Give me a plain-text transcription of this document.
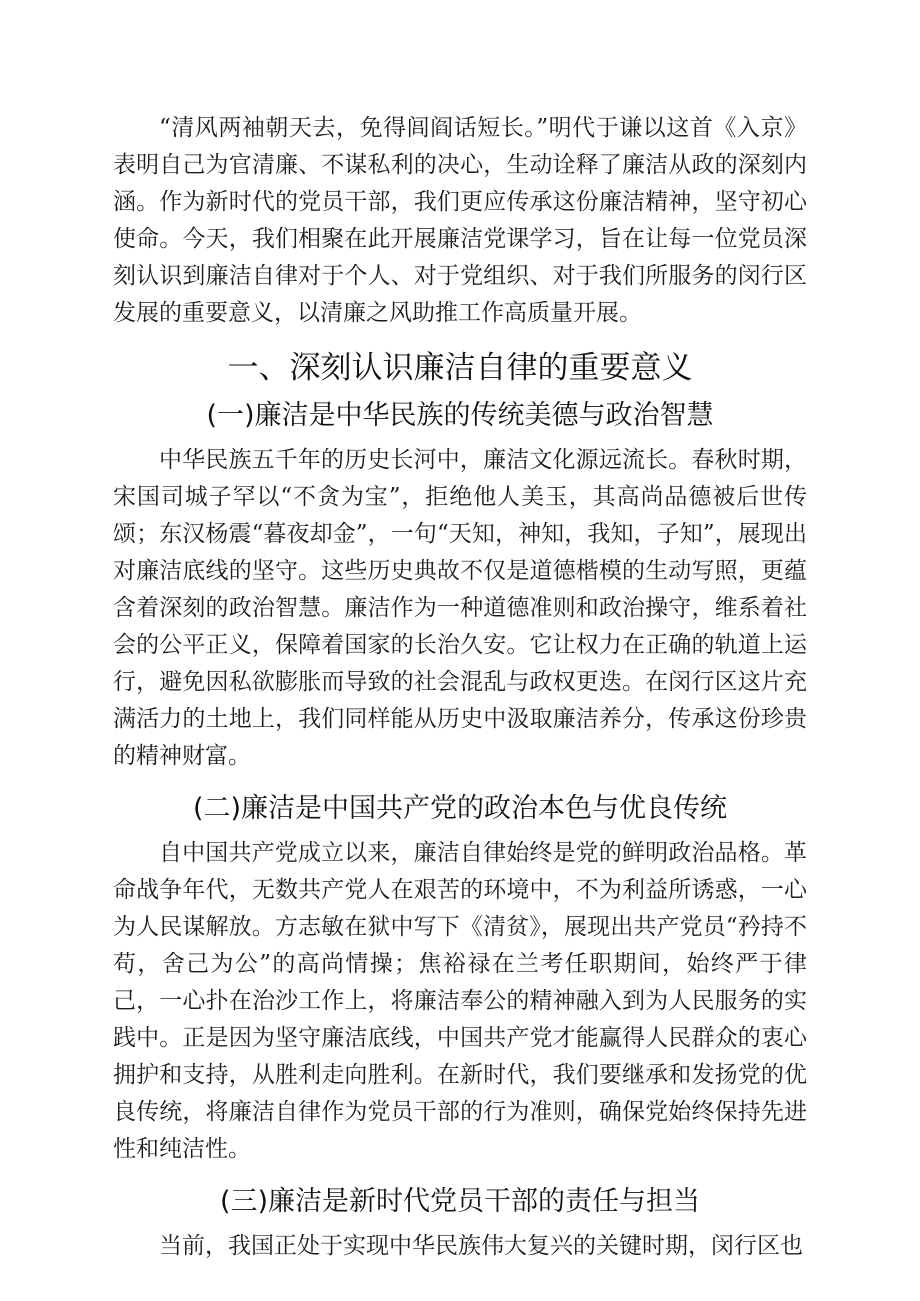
“清风两袖朝天去，免得闾阎话短长。”明代于谦以这首《入京》表明自己为官清廉、不谋私利的决心，生动诠释了廉洁从政的深刻内涵。作为新时代的党员干部，我们更应传承这份廉洁精神，坚守初心使命。今天，我们相聚在此开展廉洁党课学习，旨在让每一位党员深刻认识到廉洁自律对于个人、对于党组织、对于我们所服务的闵行区发展的重要意义，以清廉之风助推工作高质量开展。

一、深刻认识廉洁自律的重要意义
(一)廉洁是中华民族的传统美德与政治智慧

中华民族五千年的历史长河中，廉洁文化源远流长。春秋时期，宋国司城子罕以“不贪为宝”，拒绝他人美玉，其高尚品德被后世传颂；东汉杨震“暮夜却金”，一句“天知，神知，我知，子知”，展现出对廉洁底线的坚守。这些历史典故不仅是道德楷模的生动写照，更蕴含着深刻的政治智慧。廉洁作为一种道德准则和政治操守，维系着社会的公平正义，保障着国家的长治久安。它让权力在正确的轨道上运行，避免因私欲膨胀而导致的社会混乱与政权更迭。在闵行区这片充满活力的土地上，我们同样能从历史中汲取廉洁养分，传承这份珍贵的精神财富。

(二)廉洁是中国共产党的政治本色与优良传统

自中国共产党成立以来，廉洁自律始终是党的鲜明政治品格。革命战争年代，无数共产党人在艰苦的环境中，不为利益所诱惑，一心为人民谋解放。方志敏在狱中写下《清贫》，展现出共产党员“矜持不苟，舍己为公”的高尚情操；焦裕禄在兰考任职期间，始终严于律己，一心扑在治沙工作上，将廉洁奉公的精神融入到为人民服务的实践中。正是因为坚守廉洁底线，中国共产党才能赢得人民群众的衷心拥护和支持，从胜利走向胜利。在新时代，我们要继承和发扬党的优良传统，将廉洁自律作为党员干部的行为准则，确保党始终保持先进性和纯洁性。

(三)廉洁是新时代党员干部的责任与担当

当前，我国正处于实现中华民族伟大复兴的关键时期，闵行区也
